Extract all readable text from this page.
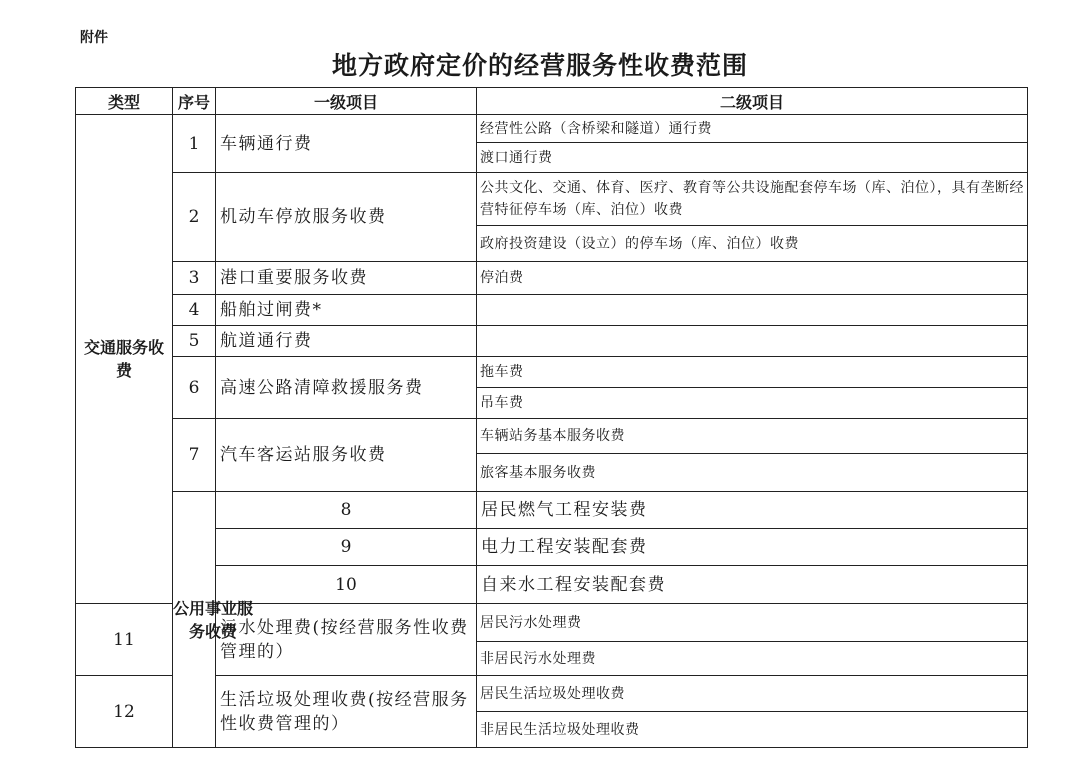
附件
地方政府定价的经营服务性收费范围
类型	序号	一级项目	二级项目	
交通服务收费	1	车辆通行费	经营性公路（含桥梁和隧道）通行费	
			渡口通行费	
	2	机动车停放服务收费	公共文化、交通、体育、医疗、教育等公共设施配套停车场（库、泊位），具有垄断经营特征停车场（库、泊位）收费	
			政府投资建设（设立）的停车场（库、泊位）收费	
	3	港口重要服务收费	停泊费	
	4	船舶过闸费*		
	5	航道通行费		
	6	高速公路清障救援服务费	拖车费	
			吊车费	
	7	汽车客运站服务收费	车辆站务基本服务收费	
			旅客基本服务收费	
	公用事业服务收费	8	居民燃气工程安装费	
		9	电力工程安装配套费	
		10	自来水工程安装配套费	
11		污水处理费(按经营服务性收费管理的）	居民污水处理费	
			非居民污水处理费	
12		生活垃圾处理收费(按经营服务性收费管理的）	居民生活垃圾处理收费	
			非居民生活垃圾处理收费	
